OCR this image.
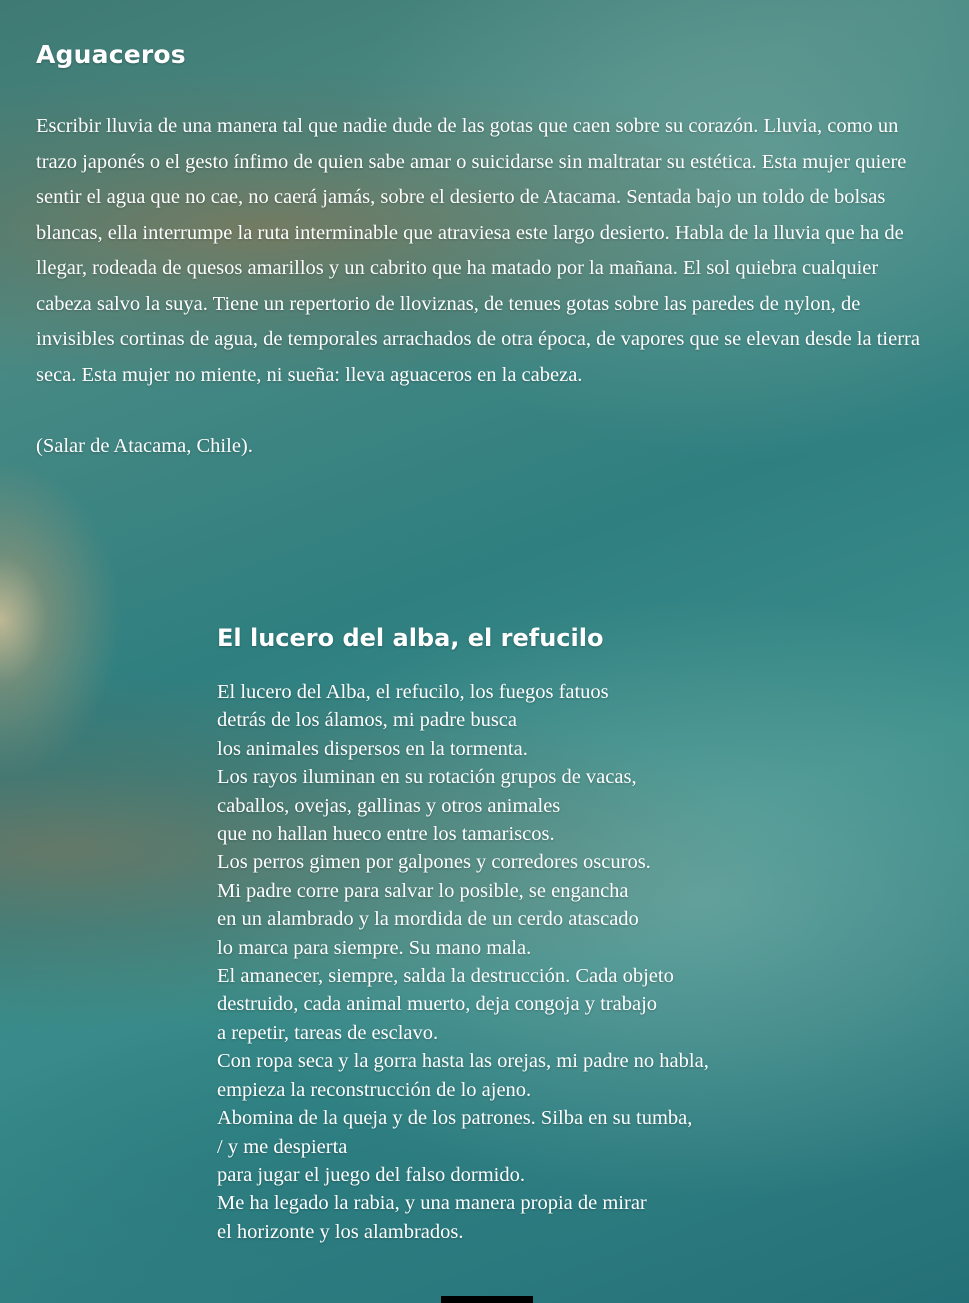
Aguaceros

Escribir lluvia de una manera tal que nadie dude de las gotas que caen sobre su corazón. Lluvia, como un trazo japonés o el gesto ínfimo de quien sabe amar o suicidarse sin maltratar su estética. Esta mujer quiere sentir el agua que no cae, no caerá jamás, sobre el desierto de Atacama. Sentada bajo un toldo de bolsas blancas, ella interrumpe la ruta interminable que atraviesa este largo desierto. Habla de la lluvia que ha de llegar, rodeada de quesos amarillos y un cabrito que ha matado por la mañana. El sol quiebra cualquier cabeza salvo la suya. Tiene un repertorio de lloviznas, de tenues gotas sobre las paredes de nylon, de invisibles cortinas de agua, de temporales arrachados de otra época, de vapores que se elevan desde la tierra seca. Esta mujer no miente, ni sueña: lleva aguaceros en la cabeza.

(Salar de Atacama, Chile).

El lucero del alba, el refucilo
El lucero del Alba, el refucilo, los fuegos fatuos
detrás de los álamos, mi padre busca
los animales dispersos en la tormenta.
Los rayos iluminan en su rotación grupos de vacas,
caballos, ovejas, gallinas y otros animales
que no hallan hueco entre los tamariscos.
Los perros gimen por galpones y corredores oscuros.
Mi padre corre para salvar lo posible, se engancha
en un alambrado y la mordida de un cerdo atascado
lo marca para siempre. Su mano mala.
El amanecer, siempre, salda la destrucción. Cada objeto
destruido, cada animal muerto, deja congoja y trabajo
a repetir, tareas de esclavo.
Con ropa seca y la gorra hasta las orejas, mi padre no habla,
empieza la reconstrucción de lo ajeno.
Abomina de la queja y de los patrones. Silba en su tumba,
/ y me despierta
para jugar el juego del falso dormido.
Me ha legado la rabia, y una manera propia de mirar
el horizonte y los alambrados.
